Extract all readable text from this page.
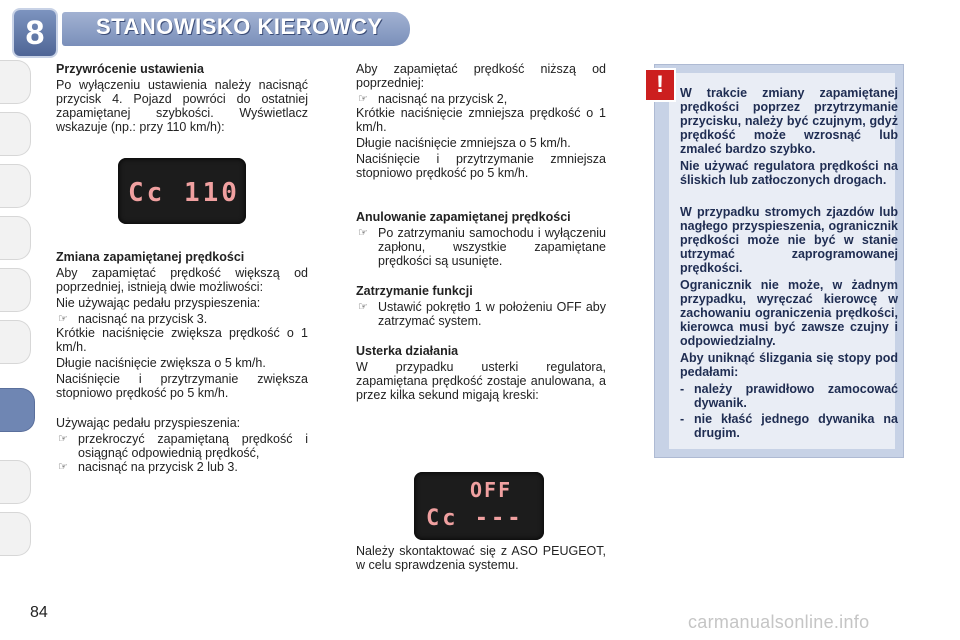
8	STANOWISKO KIEROWCY
Przywrócenie ustawienia

Po wyłączeniu ustawienia należy nacisnąć przycisk 4. Pojazd powróci do ostatniej zapamiętanej szybkości. Wyświetlacz wskazuje (np.: przy 110 km/h):

Cc 110
Zmiana zapamiętanej prędkości

Aby zapamiętać prędkość większą od poprzedniej, istnieją dwie możliwości:

Nie używając pedału przyspieszenia:

☞ nacisnąć na przycisk 3.

Krótkie naciśnięcie zwiększa prędkość o 1 km/h.

Długie naciśnięcie zwiększa o 5 km/h.

Naciśnięcie i przytrzymanie zwiększa stopniowo prędkość po 5 km/h.

Używając pedału przyspieszenia:

☞ przekroczyć zapamiętaną prędkość i osiągnąć odpowiednią prędkość,
☞ nacisnąć na przycisk 2 lub 3.

Aby zapamiętać prędkość niższą od poprzedniej:

☞ nacisnąć na przycisk 2,

Krótkie naciśnięcie zmniejsza prędkość o 1 km/h.

Długie naciśnięcie zmniejsza o 5 km/h.

Naciśnięcie i przytrzymanie zmniejsza stopniowo prędkość po 5 km/h.

Anulowanie zapamiętanej prędkości
☞ Po zatrzymaniu samochodu i wyłączeniu zapłonu, wszystkie zapamiętane prędkości są usunięte.
Zatrzymanie funkcji
☞ Ustawić pokrętło 1 w położeniu OFF aby zatrzymać system.
Usterka działania

W przypadku usterki regulatora, zapamiętana prędkość zostaje anulowana, a przez kilka sekund migają kreski:

OFF
Cc ---

Należy skontaktować się z ASO PEUGEOT, w celu sprawdzenia systemu.

!	W trakcie zmiany zapamiętanej prędkości poprzez przytrzymanie przycisku, należy być czujnym, gdyż prędkość może wzrosnąć lub zmaleć bardzo szybko.

Nie używać regulatora prędkości na śliskich lub zatłoczonych drogach.

W przypadku stromych zjazdów lub nagłego przyspieszenia, ogranicznik prędkości może nie być w stanie utrzymać zaprogramowanej prędkości.

Ogranicznik nie może, w żadnym przypadku, wyręczać kierowcę w zachowaniu ograniczenia prędkości, kierowca musi być zawsze czujny i odpowiedzialny.

Aby uniknąć ślizgania się stopy pod pedałami:

- należy prawidłowo zamocować dywanik.
- nie kłaść jednego dywanika na drugim.
84	carmanualsonline.info
